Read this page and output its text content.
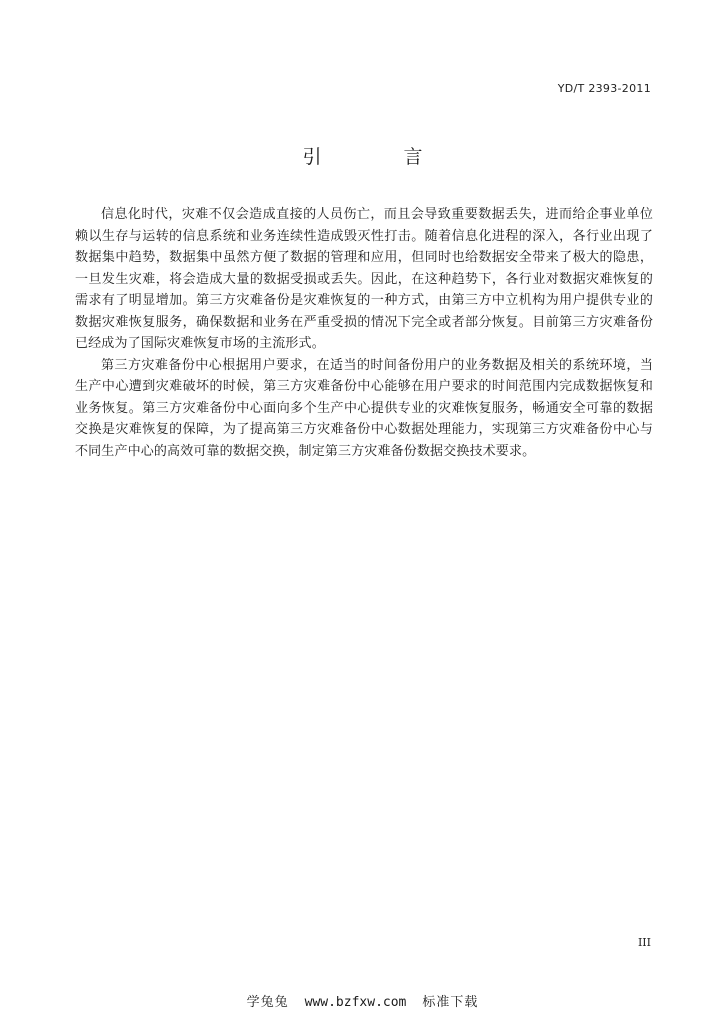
YD/T 2393-2011
引 言

信息化时代，灾难不仅会造成直接的人员伤亡，而且会导致重要数据丢失，进而给企事业单位赖以生存与运转的信息系统和业务连续性造成毁灭性打击。随着信息化进程的深入，各行业出现了数据集中趋势，数据集中虽然方便了数据的管理和应用，但同时也给数据安全带来了极大的隐患，一旦发生灾难，将会造成大量的数据受损或丢失。因此，在这种趋势下，各行业对数据灾难恢复的需求有了明显增加。第三方灾难备份是灾难恢复的一种方式，由第三方中立机构为用户提供专业的数据灾难恢复服务，确保数据和业务在严重受损的情况下完全或者部分恢复。目前第三方灾难备份已经成为了国际灾难恢复市场的主流形式。

第三方灾难备份中心根据用户要求，在适当的时间备份用户的业务数据及相关的系统环境，当生产中心遭到灾难破坏的时候，第三方灾难备份中心能够在用户要求的时间范围内完成数据恢复和业务恢复。第三方灾难备份中心面向多个生产中心提供专业的灾难恢复服务，畅通安全可靠的数据交换是灾难恢复的保障，为了提高第三方灾难备份中心数据处理能力，实现第三方灾难备份中心与不同生产中心的高效可靠的数据交换，制定第三方灾难备份数据交换技术要求。

III
学兔兔 www.bzfxw.com 标准下载
